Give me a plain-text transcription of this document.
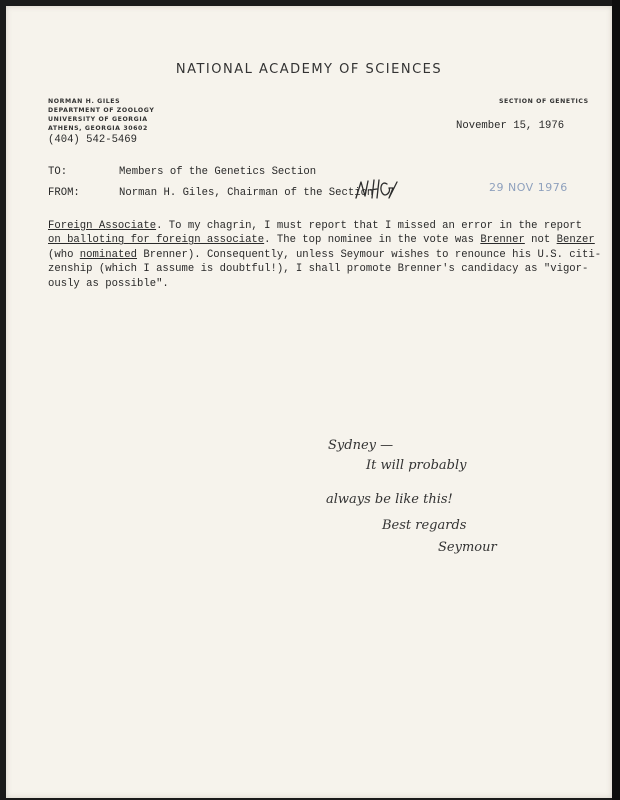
NATIONAL ACADEMY OF SCIENCES
NORMAN H. GILES
DEPARTMENT OF ZOOLOGY
UNIVERSITY OF GEORGIA
ATHENS, GEORGIA 30602
(404) 542-5469
SECTION OF GENETICS
November 15, 1976
TO:	Members of the Genetics Section
FROM:	Norman H. Giles, Chairman of the Section	29 NOV 1976
Foreign Associate. To my chagrin, I must report that I missed an error in the report
on balloting for foreign associate. The top nominee in the vote was Brenner not Benzer
(who nominated Brenner). Consequently, unless Seymour wishes to renounce his U.S. citi-
zenship (which I assume is doubtful!), I shall promote Brenner's candidacy as "vigor-
ously as possible".
Sydney —
It will probably
always be like this!
Best regards
Seymour
